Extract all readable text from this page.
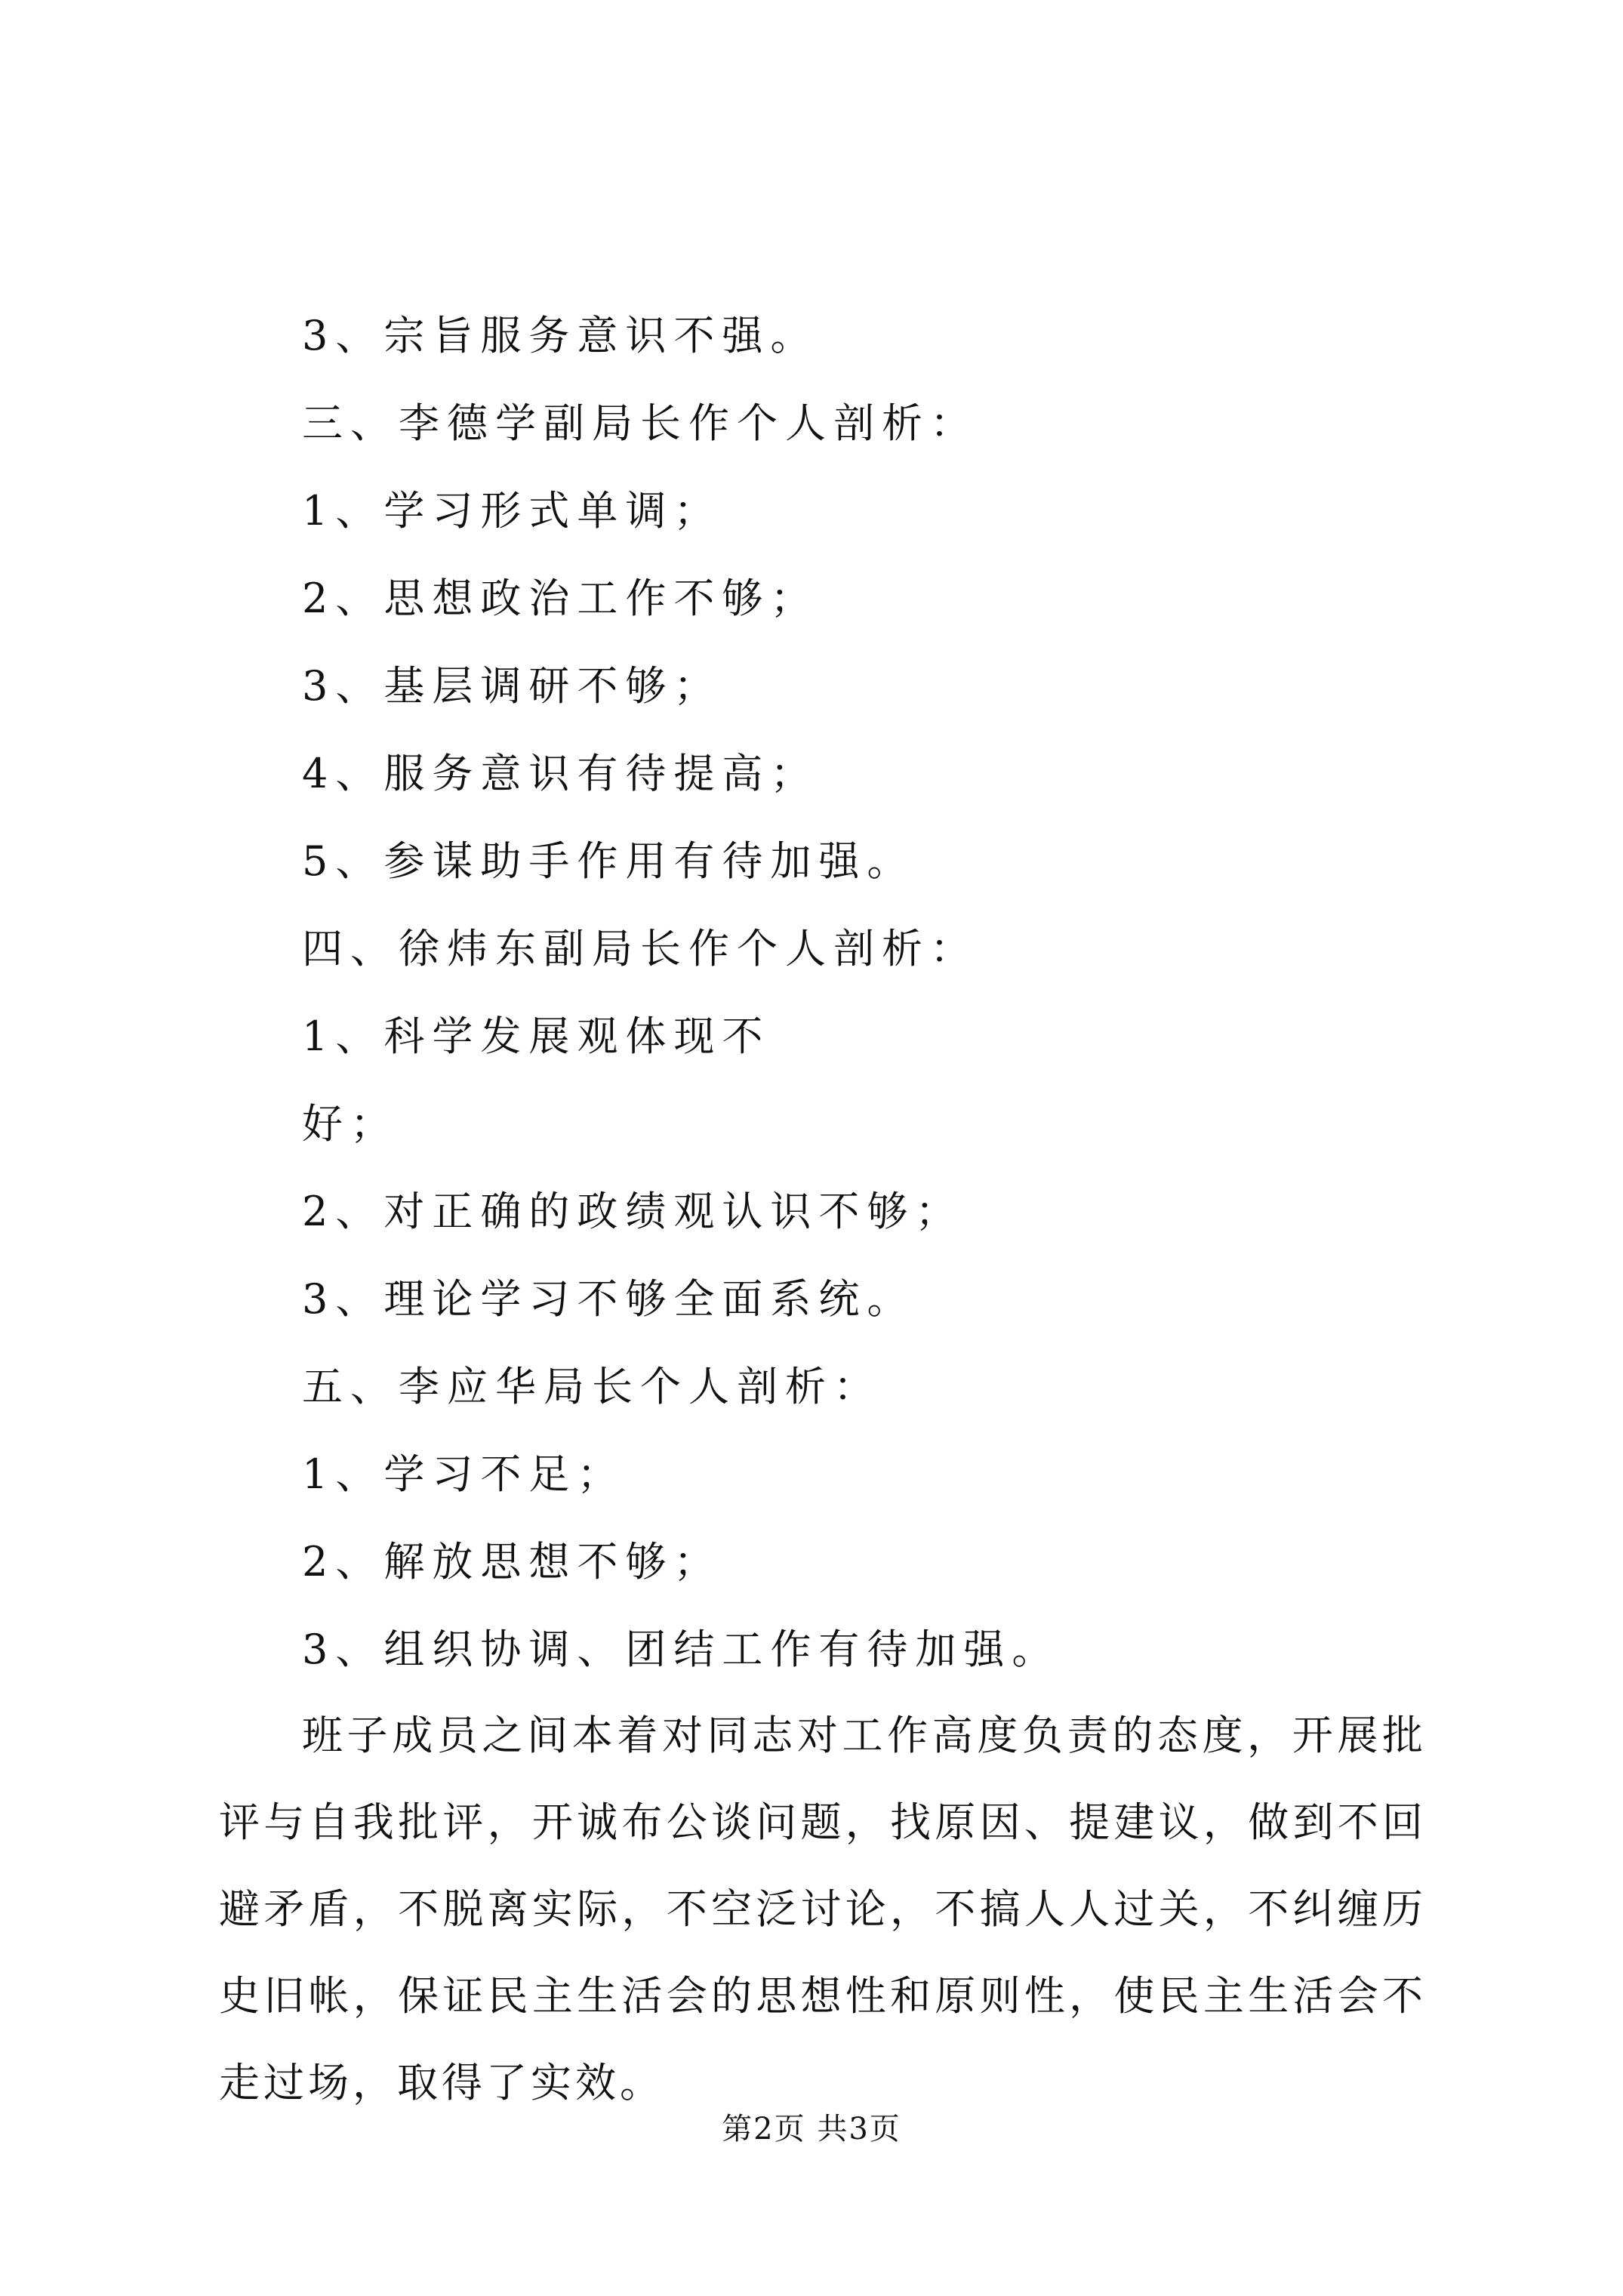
3、宗旨服务意识不强。
三、李德学副局长作个人剖析：
1、学习形式单调；
2、思想政治工作不够；
3、基层调研不够；
4、服务意识有待提高；
5、参谋助手作用有待加强。
四、徐炜东副局长作个人剖析：
1、科学发展观体现不
好；
2、对正确的政绩观认识不够；
3、理论学习不够全面系统。
五、李应华局长个人剖析：
1、学习不足；
2、解放思想不够；
3、组织协调、团结工作有待加强。
班子成员之间本着对同志对工作高度负责的态度，开展批评与自我批评，开诚布公谈问题，找原因、提建议，做到不回避矛盾，不脱离实际，不空泛讨论，不搞人人过关，不纠缠历史旧帐，保证民主生活会的思想性和原则性，使民主生活会不走过场，取得了实效。
第2页 共3页
